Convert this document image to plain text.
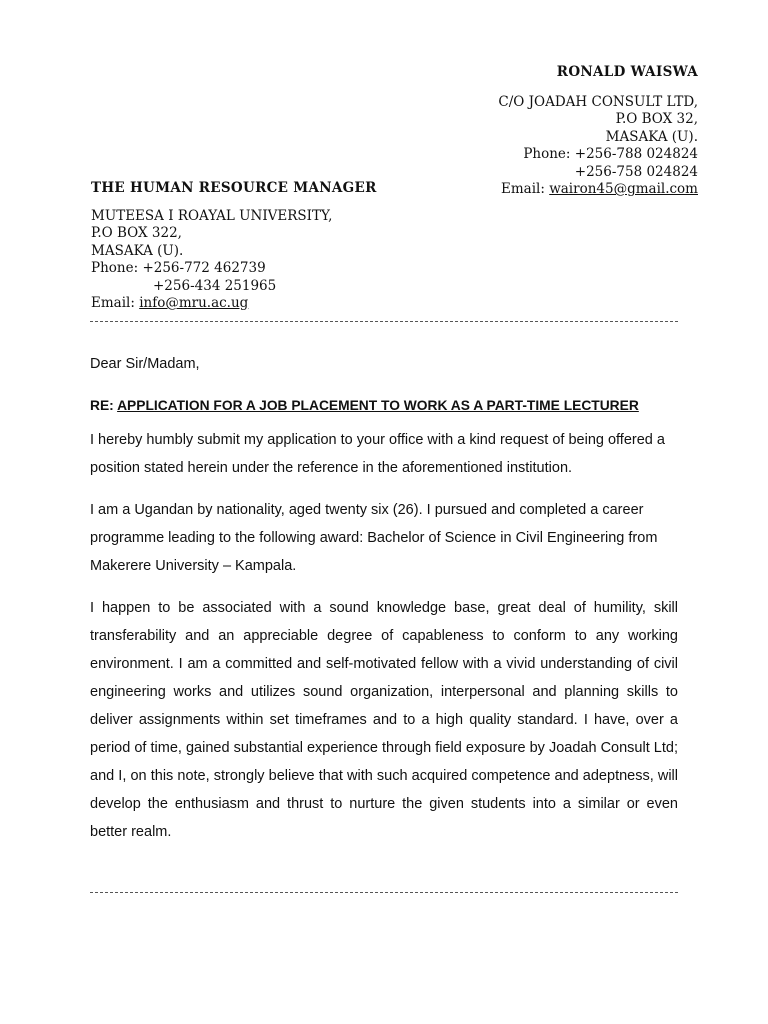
RONALD WAISWA
C/O JOADAH CONSULT LTD,
P.O BOX 32,
MASAKA (U).
Phone: +256-788 024824
+256-758 024824
Email: wairon45@gmail.com
THE HUMAN RESOURCE MANAGER
MUTEESA I ROAYAL UNIVERSITY,
P.O BOX 322,
MASAKA (U).
Phone: +256-772 462739
+256-434 251965
Email: info@mru.ac.ug

Dear Sir/Madam,

RE: APPLICATION FOR A JOB PLACEMENT TO WORK AS A PART-TIME LECTURER

I hereby humbly submit my application to your office with a kind request of being offered a position stated herein under the reference in the aforementioned institution.

I am a Ugandan by nationality, aged twenty six (26). I pursued and completed a career programme leading to the following award: Bachelor of Science in Civil Engineering from Makerere University – Kampala.

I happen to be associated with a sound knowledge base, great deal of humility, skill transferability and an appreciable degree of capableness to conform to any working environment. I am a committed and self-motivated fellow with a vivid understanding of civil engineering works and utilizes sound organization, interpersonal and planning skills to deliver assignments within set timeframes and to a high quality standard. I have, over a period of time, gained substantial experience through field exposure by Joadah Consult Ltd; and I, on this note, strongly believe that with such acquired competence and adeptness, will develop the enthusiasm and thrust to nurture the given students into a similar or even better realm.
